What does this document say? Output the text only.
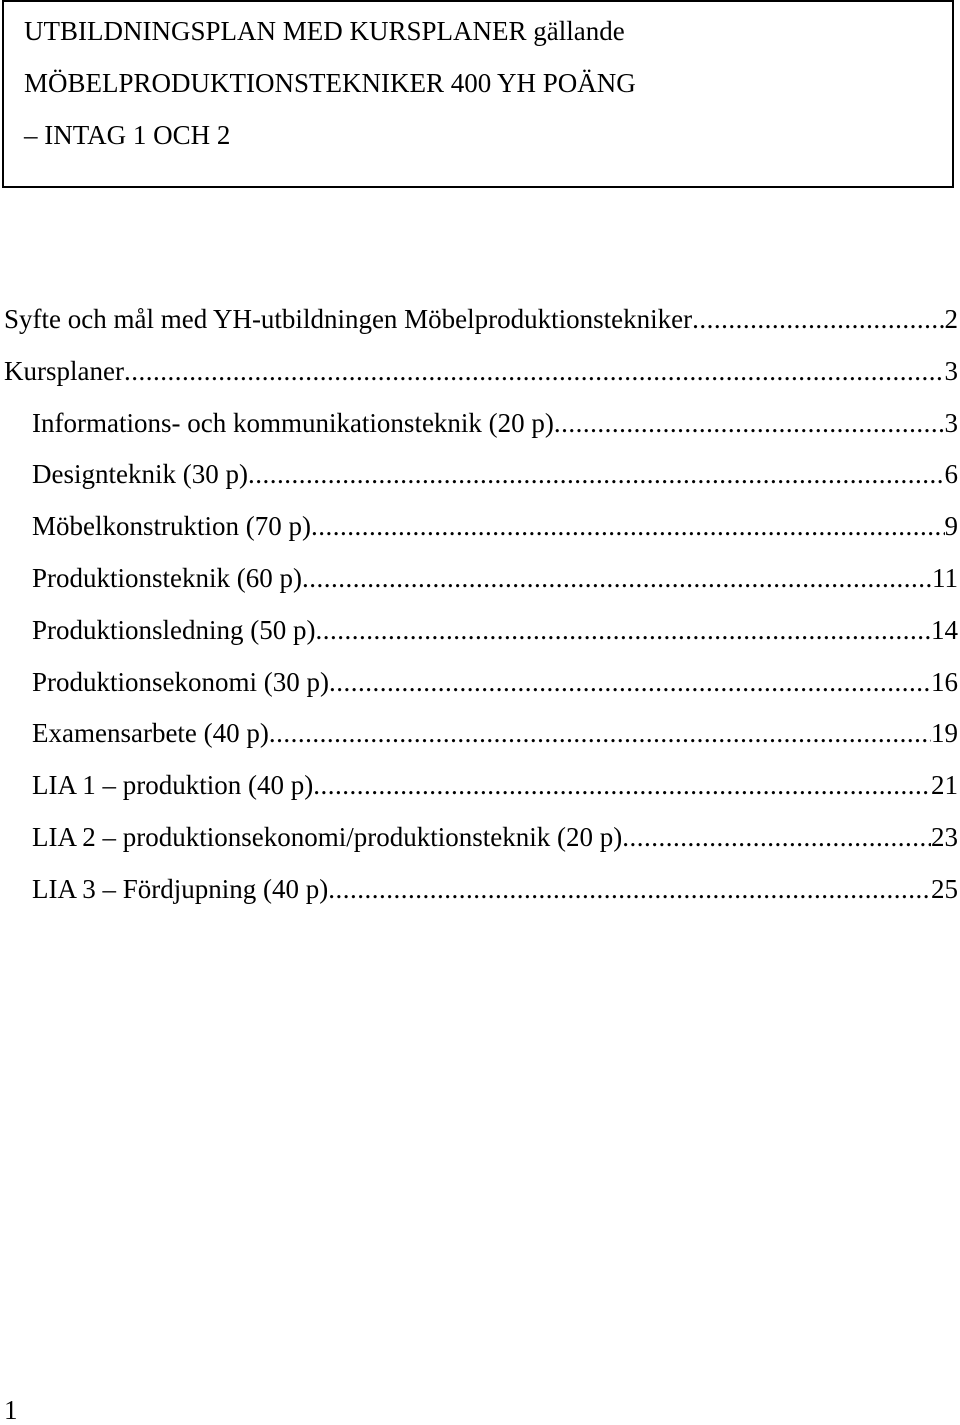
UTBILDNINGSPLAN MED KURSPLANER gällande
MÖBELPRODUKTIONSTEKNIKER 400 YH POÄNG
– INTAG 1 OCH 2
Syfte och mål med YH-utbildningen Möbelproduktionstekniker .....	2
Kursplaner .....	3
Informations- och kommunikationsteknik (20 p) .....	3
Designteknik (30 p) .....	6
Möbelkonstruktion (70 p) .....	9
Produktionsteknik (60 p) .....	11
Produktionsledning (50 p) .....	14
Produktionsekonomi (30 p) .....	16
Examensarbete (40 p) .....	19
LIA 1 – produktion (40 p) .....	21
LIA 2 – produktionsekonomi/produktionsteknik (20 p) .....	23
LIA 3 – Fördjupning (40 p) .....	25
1
